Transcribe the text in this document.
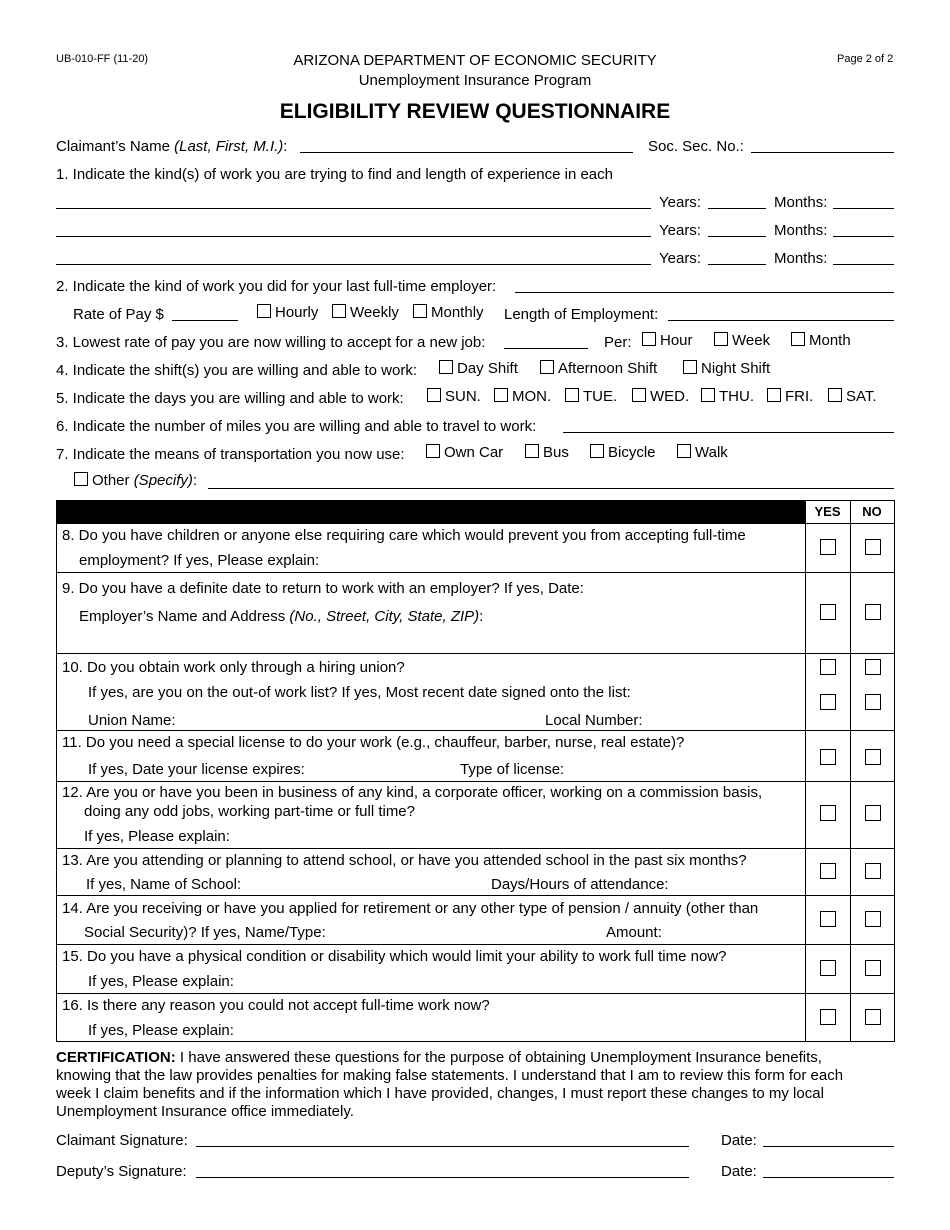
UB-010-FF (11-20)	ARIZONA DEPARTMENT OF ECONOMIC SECURITY
Unemployment Insurance Program
Page 2 of 2
ELIGIBILITY REVIEW QUESTIONNAIRE
Claimant’s Name (Last, First, M.I.):	Soc. Sec. No.:
1. Indicate the kind(s) of work you are trying to find and length of experience in each
Years:	Months:
Years:	Months:
Years:	Months:
2. Indicate the kind of work you did for your last full-time employer:
Rate of Pay $	Hourly	Weekly	Monthly Length of Employment:
3. Lowest rate of pay you are now willing to accept for a new job:	Per:	Hour	Week	Month
4. Indicate the shift(s) you are willing and able to work:	Day Shift	Afternoon Shift	Night Shift
5. Indicate the days you are willing and able to work:	SUN.	MON.	TUE.	WED.	THU.	FRI.	SAT.
6. Indicate the number of miles you are willing and able to travel to work:
7. Indicate the means of transportation you now use:	Own Car	Bus	Bicycle	Walk
Other (Specify):
YES	NO
8. Do you have children or anyone else requiring care which would prevent you from accepting full-time
employment? If yes, Please explain:
9. Do you have a definite date to return to work with an employer? If yes, Date:
Employer’s Name and Address (No., Street, City, State, ZIP):
10. Do you obtain work only through a hiring union?
If yes, are you on the out-of work list? If yes, Most recent date signed onto the list:
Union Name:	Local Number:
11. Do you need a special license to do your work (e.g., chauffeur, barber, nurse, real estate)?
If yes, Date your license expires:	Type of license:
12. Are you or have you been in business of any kind, a corporate officer, working on a commission basis,
doing any odd jobs, working part-time or full time?
If yes, Please explain:
13. Are you attending or planning to attend school, or have you attended school in the past six months?
If yes, Name of School:	Days/Hours of attendance:
14. Are you receiving or have you applied for retirement or any other type of pension / annuity (other than
Social Security)? If yes, Name/Type:	Amount:
15. Do you have a physical condition or disability which would limit your ability to work full time now?
If yes, Please explain:
16. Is there any reason you could not accept full-time work now?
If yes, Please explain:
CERTIFICATION: I have answered these questions for the purpose of obtaining Unemployment Insurance benefits,
knowing that the law provides penalties for making false statements. I understand that I am to review this form for each
week I claim benefits and if the information which I have provided, changes, I must report these changes to my local
Unemployment Insurance office immediately.
Claimant Signature:	Date:
Deputy’s Signature:	Date:
